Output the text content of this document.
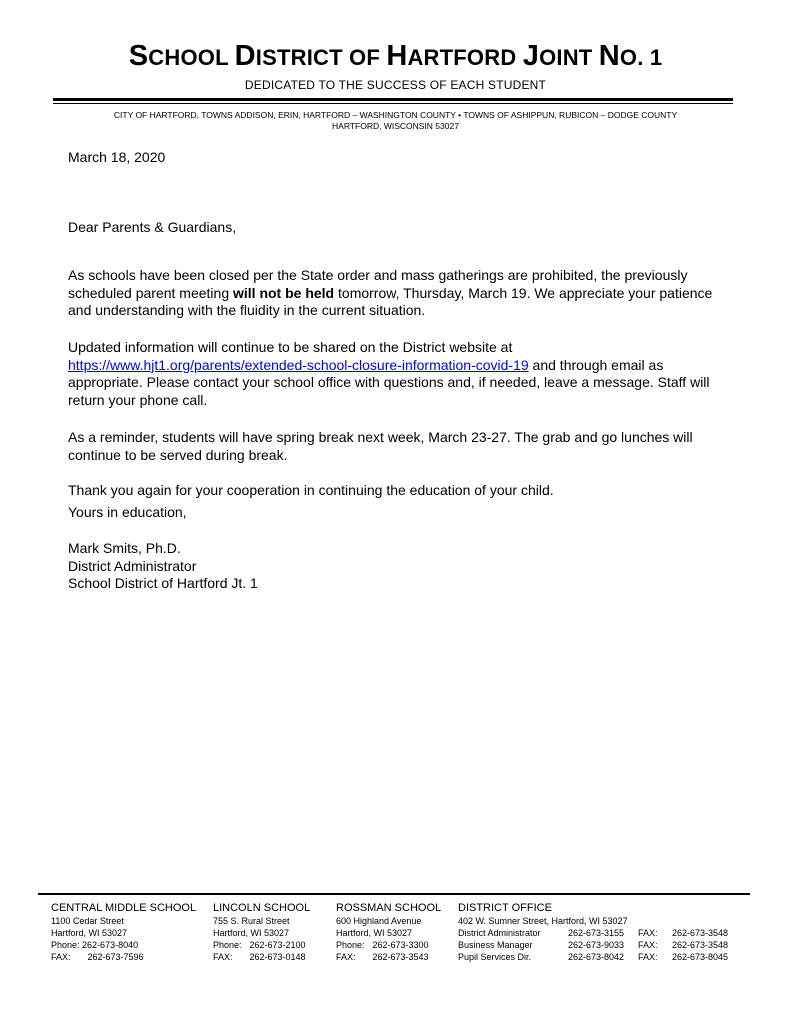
SCHOOL DISTRICT OF HARTFORD JOINT NO. 1
DEDICATED TO THE SUCCESS OF EACH STUDENT
CITY OF HARTFORD, TOWNS ADDISON, ERIN, HARTFORD – WASHINGTON COUNTY • TOWNS OF ASHIPPUN, RUBICON – DODGE COUNTY
HARTFORD, WISCONSIN 53027
March 18, 2020
Dear Parents & Guardians,

As schools have been closed per the State order and mass gatherings are prohibited, the previously scheduled parent meeting will not be held tomorrow, Thursday, March 19. We appreciate your patience and understanding with the fluidity in the current situation.

Updated information will continue to be shared on the District website at
https://www.hjt1.org/parents/extended-school-closure-information-covid-19 and through email as appropriate. Please contact your school office with questions and, if needed, leave a message. Staff will return your phone call.

As a reminder, students will have spring break next week, March 23-27. The grab and go lunches will continue to be served during break.

Thank you again for your cooperation in continuing the education of your child.

Yours in education,
Mark Smits, Ph.D.
District Administrator
School District of Hartford Jt. 1
CENTRAL MIDDLE SCHOOL
1100 Cedar Street
Hartford, WI 53027
Phone: 262-673-8040
FAX: 262-673-7596
LINCOLN SCHOOL
755 S. Rural Street
Hartford, WI 53027
Phone: 262-673-2100
FAX: 262-673-0148
ROSSMAN SCHOOL
600 Highland Avenue
Hartford, WI 53027
Phone: 262-673-3300
FAX: 262-673-3543
DISTRICT OFFICE
402 W. Sumner Street, Hartford, WI 53027
District Administrator	262-673-3155	FAX:	262-673-3548
Business Manager	262-673-9033	FAX:	262-673-3548
Pupil Services Dir.	262-673-8042	FAX:	262-673-8045
